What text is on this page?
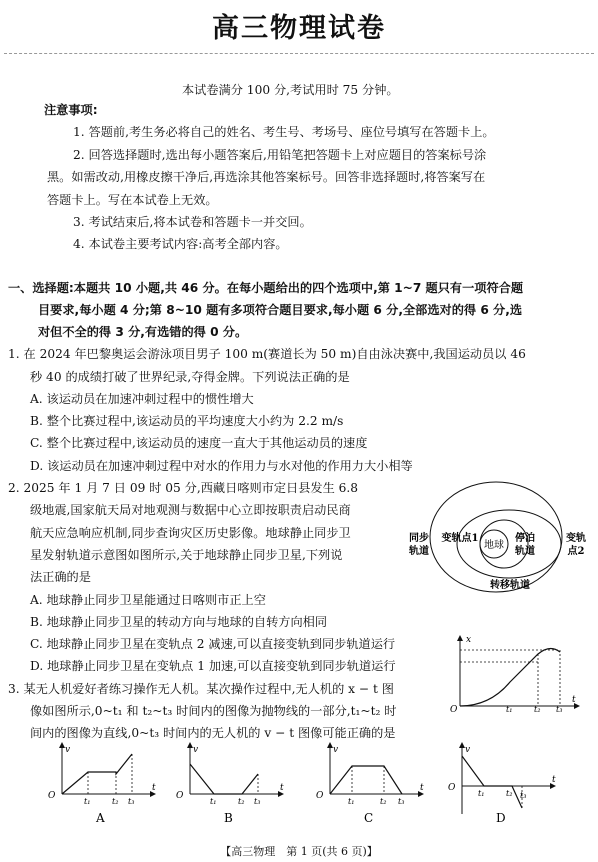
高三物理试卷
本试卷满分 100 分,考试用时 75 分钟。
注意事项:
1. 答题前,考生务必将自己的姓名、考生号、考场号、座位号填写在答题卡上。
2. 回答选择题时,选出每小题答案后,用铅笔把答题卡上对应题目的答案标号涂
黑。如需改动,用橡皮擦干净后,再选涂其他答案标号。回答非选择题时,将答案写在
答题卡上。写在本试卷上无效。
3. 考试结束后,将本试卷和答题卡一并交回。
4. 本试卷主要考试内容:高考全部内容。
一、选择题:本题共 10 小题,共 46 分。在每小题给出的四个选项中,第 1~7 题只有一项符合题
目要求,每小题 4 分;第 8~10 题有多项符合题目要求,每小题 6 分,全部选对的得 6 分,选
对但不全的得 3 分,有选错的得 0 分。
1. 在 2024 年巴黎奥运会游泳项目男子 100 m(赛道长为 50 m)自由泳决赛中,我国运动员以 46
秒 40 的成绩打破了世界纪录,夺得金牌。下列说法正确的是
A. 该运动员在加速冲刺过程中的惯性增大
B. 整个比赛过程中,该运动员的平均速度大小约为 2.2 m/s
C. 整个比赛过程中,该运动员的速度一直大于其他运动员的速度
D. 该运动员在加速冲刺过程中对水的作用力与水对他的作用力大小相等
2. 2025 年 1 月 7 日 09 时 05 分,西藏日喀则市定日县发生 6.8
级地震,国家航天局对地观测与数据中心立即按职责启动民商
航天应急响应机制,同步查询灾区历史影像。地球静止同步卫
星发射轨道示意图如图所示,关于地球静止同步卫星,下列说
法正确的是
A. 地球静止同步卫星能通过日喀则市正上空
B. 地球静止同步卫星的转动方向与地球的自转方向相同
C. 地球静止同步卫星在变轨点 2 减速,可以直接变轨到同步轨道运行
D. 地球静止同步卫星在变轨点 1 加速,可以直接变轨到同步轨道运行
地球
停泊
轨道
同步
轨道
变轨点1	变轨
点2
转移轨道
x
t
O	t₁	t₂ t₃
3. 某无人机爱好者练习操作无人机。某次操作过程中,无人机的 x − t 图
像如图所示,0~t₁ 和 t₂~t₃ 时间内的图像为抛物线的一部分,t₁~t₂ 时
间内的图像为直线,0~t₃ 时间内的无人机的 v − t 图像可能正确的是
v
t
O
t₁	t₂ t₃
A
v
t
O
t₁	t₂ t₃
B
v
t
O
t₁	t₂ t₃
C
v
t
O
t₁	t₂ t₃
D
【高三物理　第 1 页(共 6 页)】
